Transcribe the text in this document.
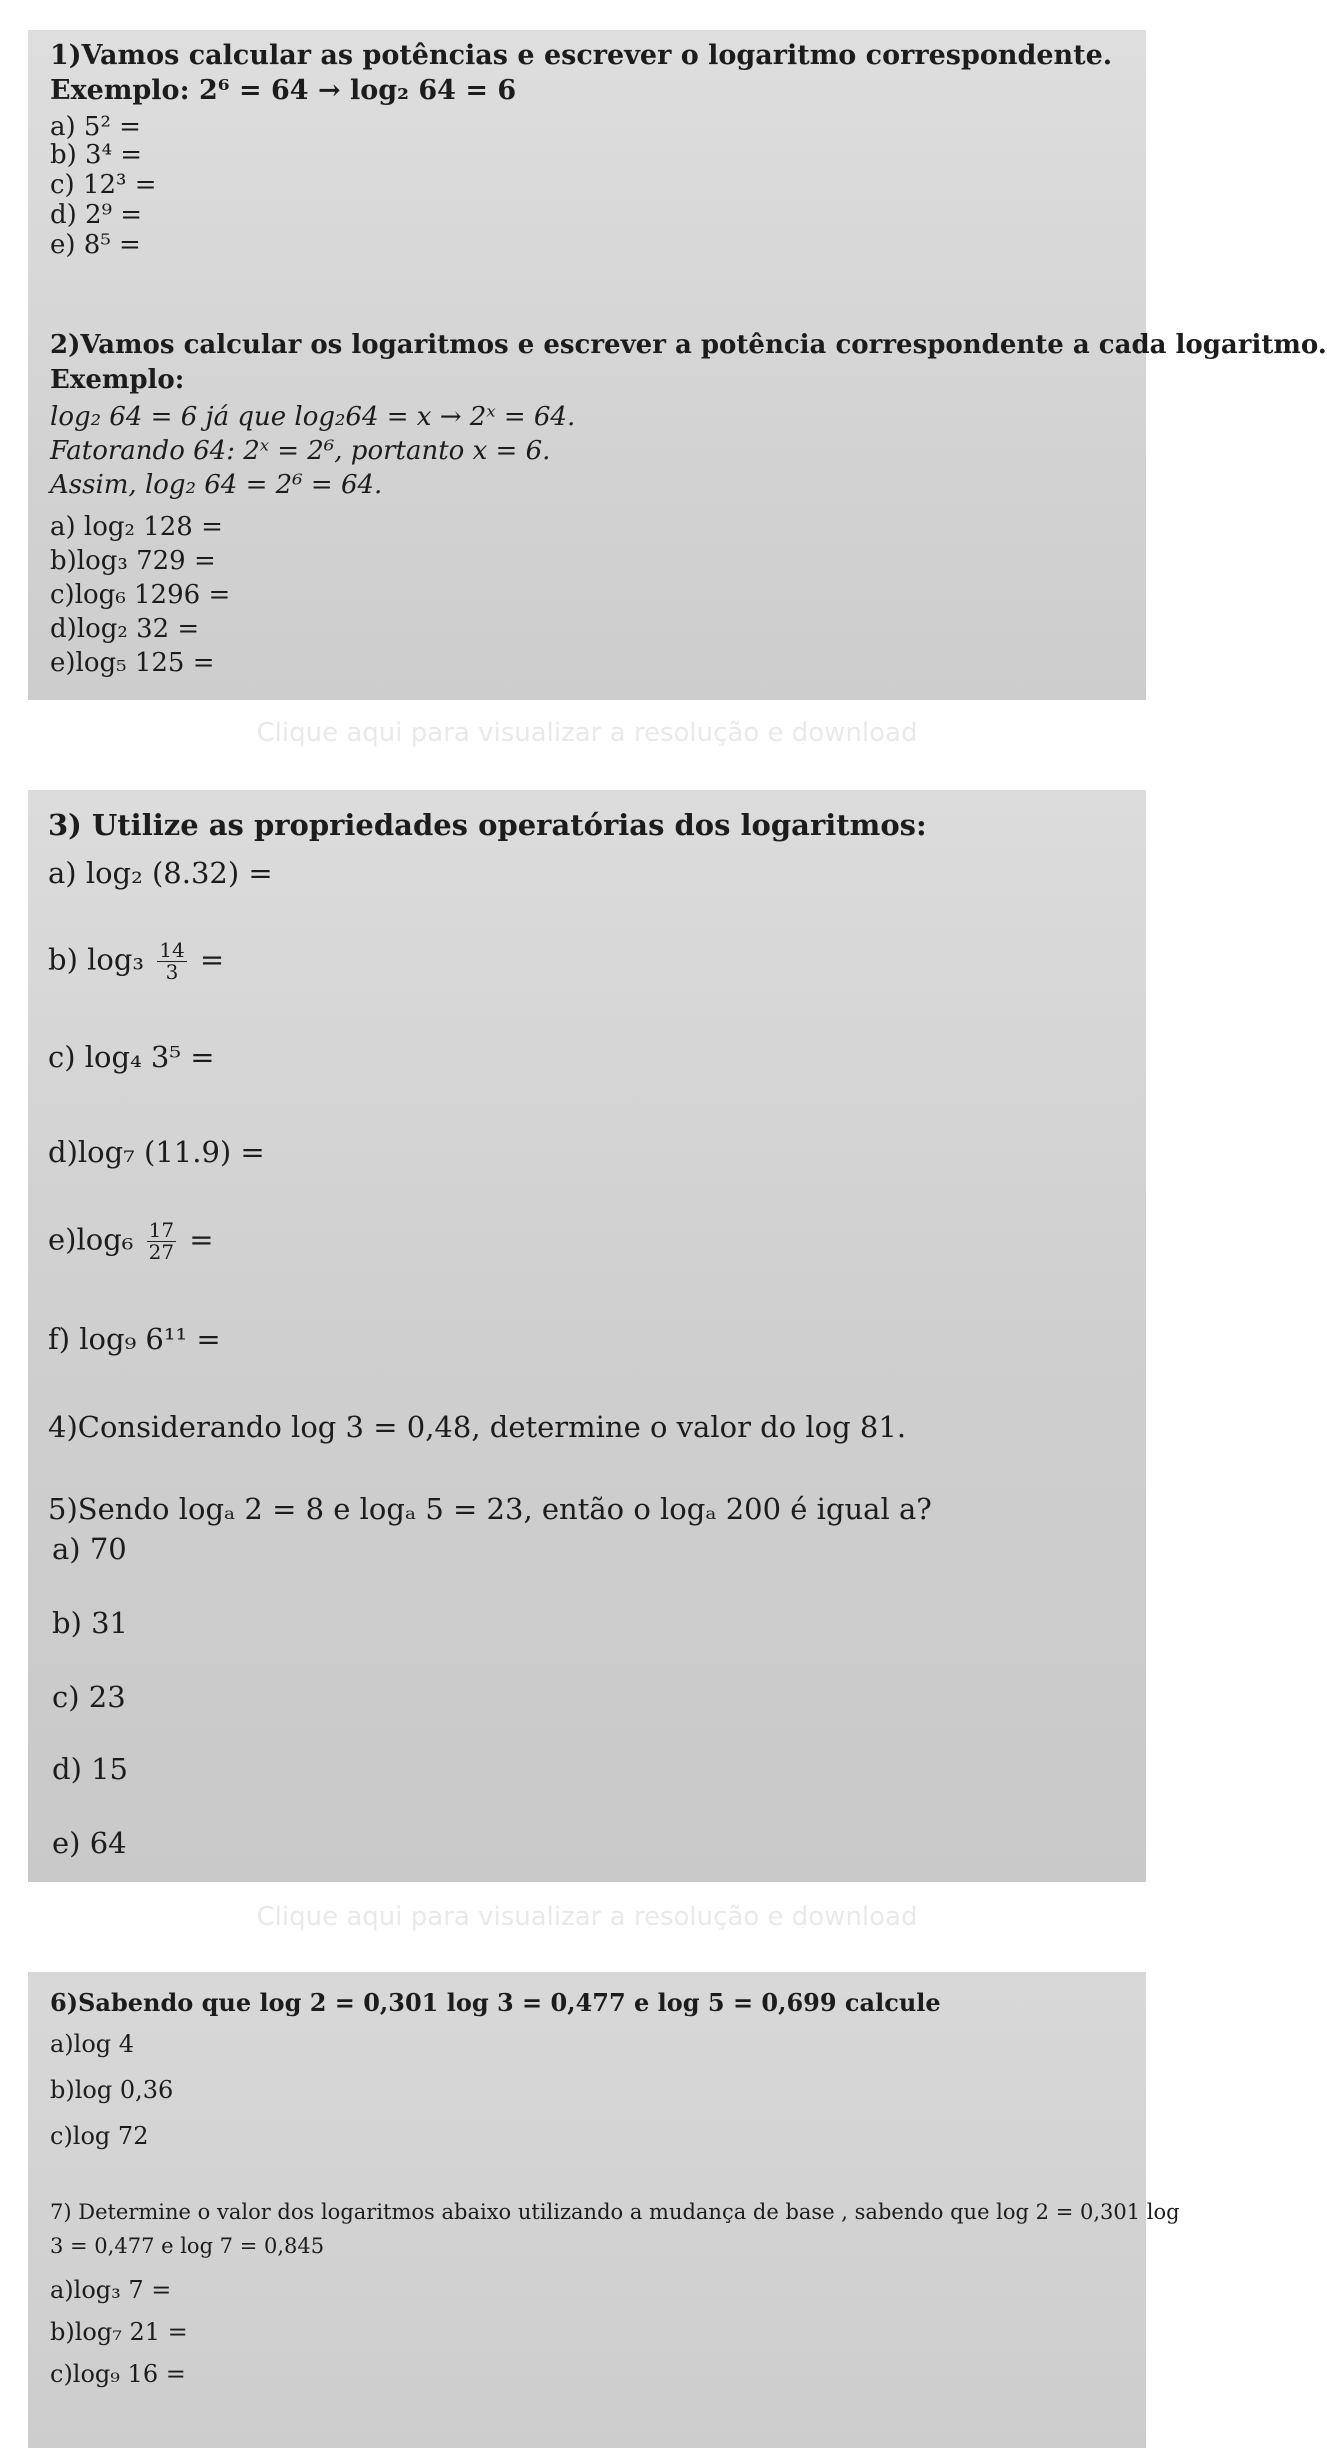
1)Vamos calcular as potências e escrever o logaritmo correspondente.
Exemplo: 2⁶ = 64 → log₂ 64 = 6
a) 5² =
b) 3⁴ =
c) 12³ =
d) 2⁹ =
e) 8⁵ =
2)Vamos calcular os logaritmos e escrever a potência correspondente a cada logaritmo.
Exemplo:
log₂ 64 = 6 já que log₂64 = x → 2ˣ = 64.
Fatorando 64: 2ˣ = 2⁶, portanto x = 6.
Assim, log₂ 64 = 2⁶ = 64.
a) log₂ 128 =
b)log₃ 729 =
c)log₆ 1296 =
d)log₂ 32 =
e)log₅ 125 =
Clique aqui para visualizar a resolução e download
3) Utilize as propriedades operatórias dos logaritmos:
a) log₂ (8.32) =
b) $\log_3 \frac{14}{3}$ =
c) log₄ 3⁵ =
d)log₇ (11.9) =
$e)\log_6 \frac{17}{27}$ =
f) log₉ 6¹¹ =
4)Considerando log 3 = 0,48, determine o valor do log 81.
5)Sendo logₐ 2 = 8 e logₐ 5 = 23, então o logₐ 200 é igual a?
a) 70
b) 31
c) 23
d) 15
e) 64
Clique aqui para visualizar a resolução e download
6)Sabendo que log 2 = 0,301 log 3 = 0,477 e log 5 = 0,699 calcule
a)log 4
b)log 0,36
c)log 72
7) Determine o valor dos logaritmos abaixo utilizando a mudança de base , sabendo que log 2 = 0,301 log
3 = 0,477 e log 7 = 0,845
a)log₃ 7 =
b)log₇ 21 =
c)log₉ 16 =
